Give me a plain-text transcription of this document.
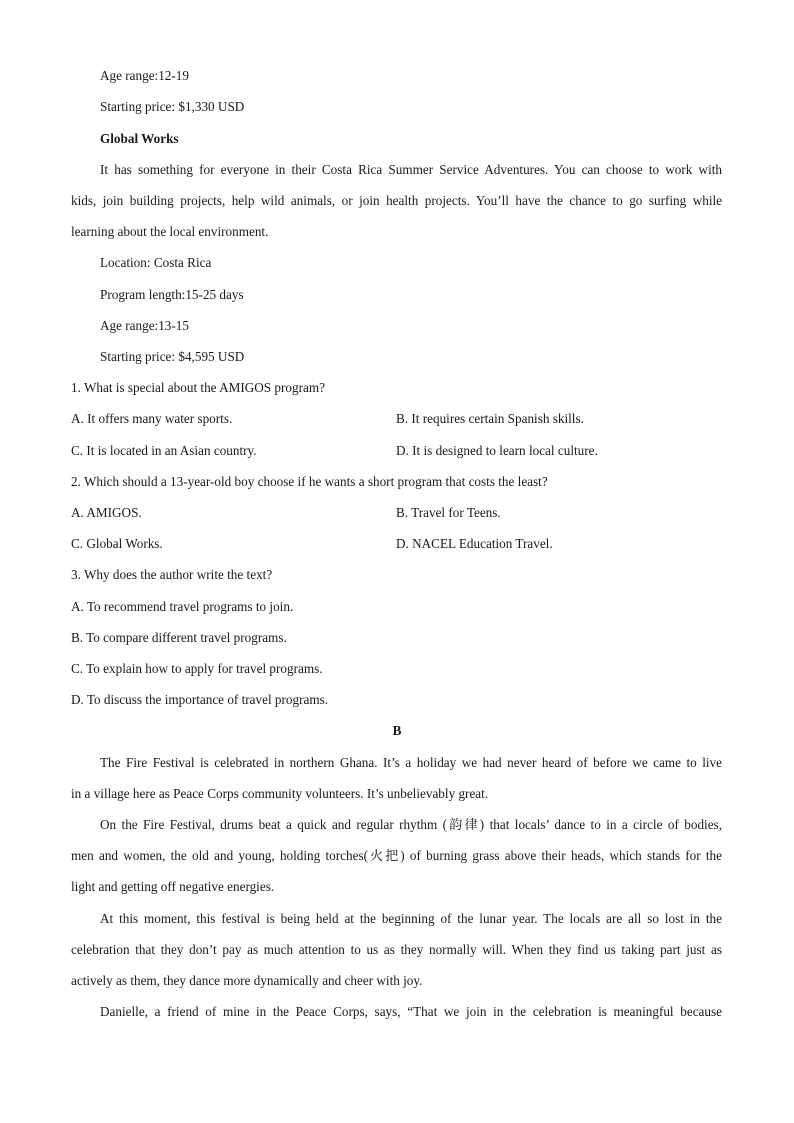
Age range:12-19
Starting price: $1,330 USD
Global Works
It has something for everyone in their Costa Rica Summer Service Adventures. You can choose to work with
kids, join building projects, help wild animals, or join health projects. You’ll have the chance to go surfing while
learning about the local environment.
Location: Costa Rica
Program length:15-25 days
Age range:13-15
Starting price: $4,595 USD
1. What is special about the AMIGOS program?
A. It offers many water sports.	B. It requires certain Spanish skills.
C. It is located in an Asian country.	D. It is designed to learn local culture.
2. Which should a 13-year-old boy choose if he wants a short program that costs the least?
A. AMIGOS.	B. Travel for Teens.
C. Global Works.	D. NACEL Education Travel.
3. Why does the author write the text?
A. To recommend travel programs to join.
B. To compare different travel programs.
C. To explain how to apply for travel programs.
D. To discuss the importance of travel programs.
B
The Fire Festival is celebrated in northern Ghana. It’s a holiday we had never heard of before we came to live
in a village here as Peace Corps community volunteers. It’s unbelievably great.
On the Fire Festival, drums beat a quick and regular rhythm (韵律) that locals’ dance to in a circle of bodies,
men and women, the old and young, holding torches(火把) of burning grass above their heads, which stands for the
light and getting off negative energies.
At this moment, this festival is being held at the beginning of the lunar year. The locals are all so lost in the
celebration that they don’t pay as much attention to us as they normally will. When they find us taking part just as
actively as them, they dance more dynamically and cheer with joy.
Danielle, a friend of mine in the Peace Corps, says, “That we join in the celebration is meaningful because
